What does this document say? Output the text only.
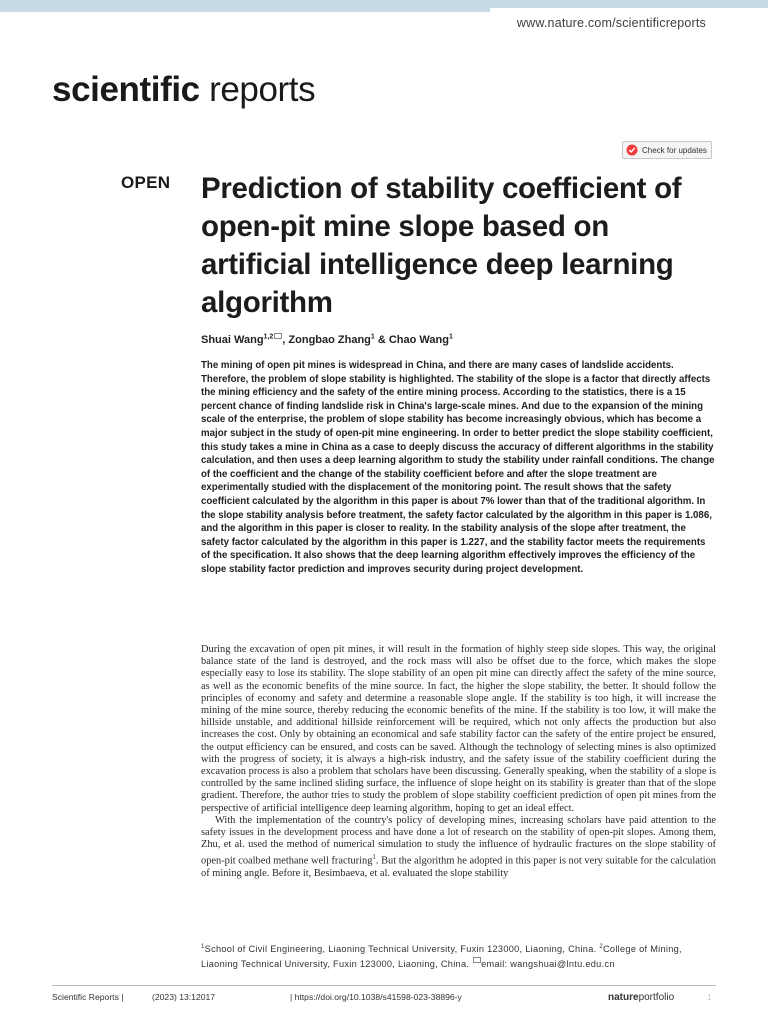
www.nature.com/scientificreports
scientific reports
Check for updates
OPEN Prediction of stability coefficient of open-pit mine slope based on artificial intelligence deep learning algorithm
Shuai Wang$^{1,2}$ , Zongbao Zhang$^1$ & Chao Wang$^1$

The mining of open pit mines is widespread in China, and there are many cases of landslide accidents. Therefore, the problem of slope stability is highlighted. The stability of the slope is a factor that directly affects the mining efficiency and the safety of the entire mining process. According to the statistics, there is a 15 percent chance of finding landslide risk in China's large-scale mines. And due to the expansion of the mining scale of the enterprise, the problem of slope stability has become increasingly obvious, which has become a major subject in the study of open-pit mine engineering. In order to better predict the slope stability coefficient, this study takes a mine in China as a case to deeply discuss the accuracy of different algorithms in the stability calculation, and then uses a deep learning algorithm to study the stability under rainfall conditions. The change of the coefficient and the change of the stability coefficient before and after the slope treatment are experimentally studied with the displacement of the monitoring point. The result shows that the safety coefficient calculated by the algorithm in this paper is about 7% lower than that of the traditional algorithm. In the slope stability analysis before treatment, the safety factor calculated by the algorithm in this paper is 1.086, and the algorithm in this paper is closer to reality. In the stability analysis of the slope after treatment, the safety factor calculated by the algorithm in this paper is 1.227, and the stability factor meets the requirements of the specification. It also shows that the deep learning algorithm effectively improves the efficiency of the slope stability factor prediction and improves security during project development.

During the excavation of open pit mines, it will result in the formation of highly steep side slopes. This way, the original balance state of the land is destroyed, and the rock mass will also be offset due to the force, which makes the slope especially easy to lose its stability. The slope stability of an open pit mine can directly affect the safety of the mine source, as well as the economic benefits of the mine source. In fact, the higher the slope stability, the better. It should follow the principles of economy and safety and determine a reasonable slope angle. If the stability is too high, it will increase the mining of the mine source, thereby reducing the economic benefits of the mine. If the stability is too low, it will make the hillside unstable, and additional hillside reinforcement will be required, which not only affects the production but also increases the cost. Only by obtaining an economical and safe stability factor can the safety of the entire project be ensured, the output efficiency can be ensured, and costs can be saved. Although the technology of selecting mines is also optimized with the progress of society, it is always a high-risk industry, and the safety issue of the stability coefficient during the excavation process is also a problem that scholars have been discussing. Generally speaking, when the stability of a slope is controlled by the same inclined sliding surface, the influence of slope height on its stability is greater than that of the slope gradient. Therefore, the author tries to study the problem of slope stability coefficient prediction of open pit mines from the perspective of artificial intelligence deep learning algorithm, hoping to get an ideal effect.

With the implementation of the country's policy of developing mines, increasing scholars have paid attention to the safety issues in the development process and have done a lot of research on the stability of open-pit slopes. Among them, Zhu, et al. used the method of numerical simulation to study the influence of hydraulic fractures on the slope stability of open-pit coalbed methane well fracturing$^1$. But the algorithm he adopted in this paper is not very suitable for the calculation of mining angle. Before it, Besimbaeva, et al. evaluated the slope stability

$^1$School of Civil Engineering, Liaoning Technical University, Fuxin 123000, Liaoning, China. $^2$College of Mining, Liaoning Technical University, Fuxin 123000, Liaoning, China. email: wangshuai@lntu.edu.cn

Scientific Reports |	(2023) 13:12017	| https://doi.org/10.1038/s41598-023-38896-y	natureportfolio	1
